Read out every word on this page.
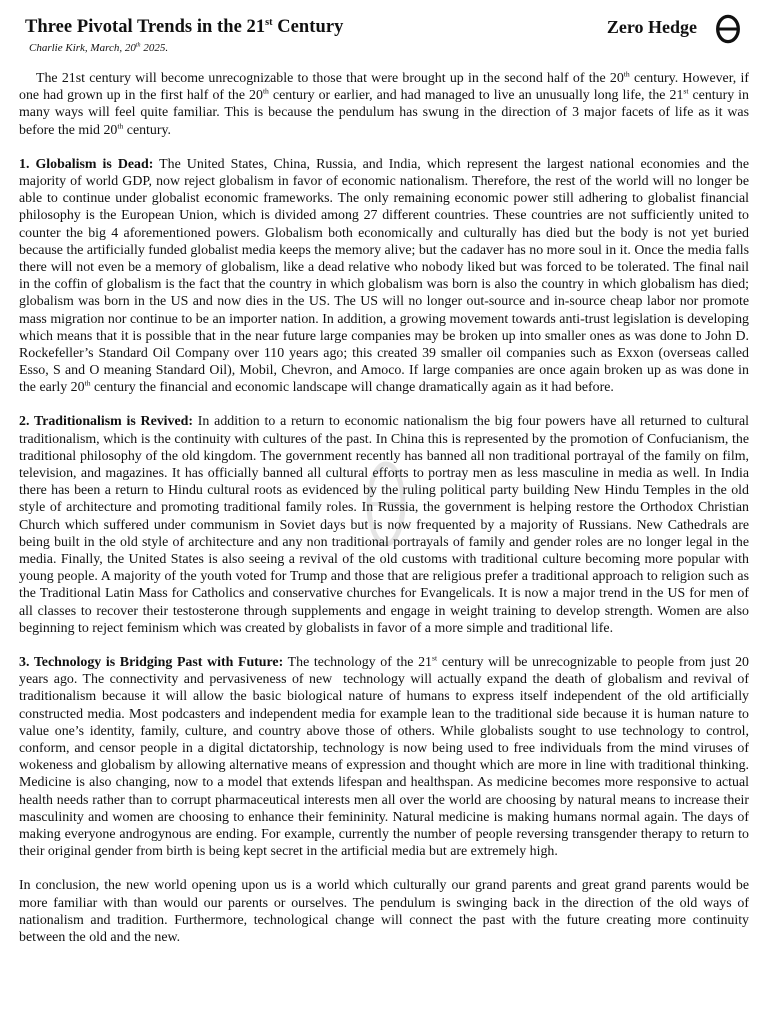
Three Pivotal Trends in the 21st Century
Charlie Kirk, March, 20th 2025.
Zero Hedge

The 21st century will become unrecognizable to those that were brought up in the second half of the 20th century. However, if one had grown up in the first half of the 20th century or earlier, and had managed to live an unusually long life, the 21st century in many ways will feel quite familiar. This is because the pendulum has swung in the direction of 3 major facets of life as it was before the mid 20th century.

1. Globalism is Dead: The United States, China, Russia, and India, which represent the largest national economies and the majority of world GDP, now reject globalism in favor of economic nationalism. Therefore, the rest of the world will no longer be able to continue under globalist economic frameworks. The only remaining economic power still adhering to globalist financial philosophy is the European Union, which is divided among 27 different countries. These countries are not sufficiently united to counter the big 4 aforementioned powers. Globalism both economically and culturally has died but the body is not yet buried because the artificially funded globalist media keeps the memory alive; but the cadaver has no more soul in it. Once the media falls there will not even be a memory of globalism, like a dead relative who nobody liked but was forced to be tolerated. The final nail in the coffin of globalism is the fact that the country in which globalism was born is also the country in which globalism has died; globalism was born in the US and now dies in the US. The US will no longer out-source and in-source cheap labor nor promote mass migration nor continue to be an importer nation. In addition, a growing movement towards anti-trust legislation is developing which means that it is possible that in the near future large companies may be broken up into smaller ones as was done to John D. Rockefeller’s Standard Oil Company over 110 years ago; this created 39 smaller oil companies such as Exxon (overseas called Esso, S and O meaning Standard Oil), Mobil, Chevron, and Amoco. If large companies are once again broken up as was done in the early 20th century the financial and economic landscape will change dramatically again as it had before.

2. Traditionalism is Revived: In addition to a return to economic nationalism the big four powers have all returned to cultural traditionalism, which is the continuity with cultures of the past. In China this is represented by the promotion of Confucianism, the traditional philosophy of the old kingdom. The government recently has banned all non traditional portrayal of the family on film, television, and magazines. It has officially banned all cultural efforts to portray men as less masculine in media as well. In India there has been a return to Hindu cultural roots as evidenced by the ruling political party building New Hindu Temples in the old style of architecture and promoting traditional family roles. In Russia, the government is helping restore the Orthodox Christian Church which suffered under communism in Soviet days but is now frequented by a majority of Russians. New Cathedrals are being built in the old style of architecture and any non traditional portrayals of family and gender roles are no longer legal in the media. Finally, the United States is also seeing a revival of the old customs with traditional culture becoming more popular with young people. A majority of the youth voted for Trump and those that are religious prefer a traditional approach to religion such as the Traditional Latin Mass for Catholics and conservative churches for Evangelicals. It is now a major trend in the US for men of all classes to recover their testosterone through supplements and engage in weight training to develop strength. Women are also beginning to reject feminism which was created by globalists in favor of a more simple and traditional life.

3. Technology is Bridging Past with Future: The technology of the 21st century will be unrecognizable to people from just 20 years ago. The connectivity and pervasiveness of new  technology will actually expand the death of globalism and revival of traditionalism because it will allow the basic biological nature of humans to express itself independent of the old artificially constructed media. Most podcasters and independent media for example lean to the traditional side because it is human nature to value one’s identity, family, culture, and country above those of others. While globalists sought to use technology to control, conform, and censor people in a digital dictatorship, technology is now being used to free individuals from the mind viruses of wokeness and globalism by allowing alternative means of expression and thought which are more in line with traditional thinking. Medicine is also changing, now to a model that extends lifespan and healthspan. As medicine becomes more responsive to actual health needs rather than to corrupt pharmaceutical interests men all over the world are choosing by natural means to increase their masculinity and women are choosing to enhance their femininity. Natural medicine is making humans normal again. The days of making everyone androgynous are ending. For example, currently the number of people reversing transgender therapy to return to their original gender from birth is being kept secret in the artificial media but are extremely high.

In conclusion, the new world opening upon us is a world which culturally our grand parents and great grand parents would be more familiar with than would our parents or ourselves. The pendulum is swinging back in the direction of the old ways of nationalism and tradition. Furthermore, technological change will connect the past with the future creating more continuity between the old and the new.
